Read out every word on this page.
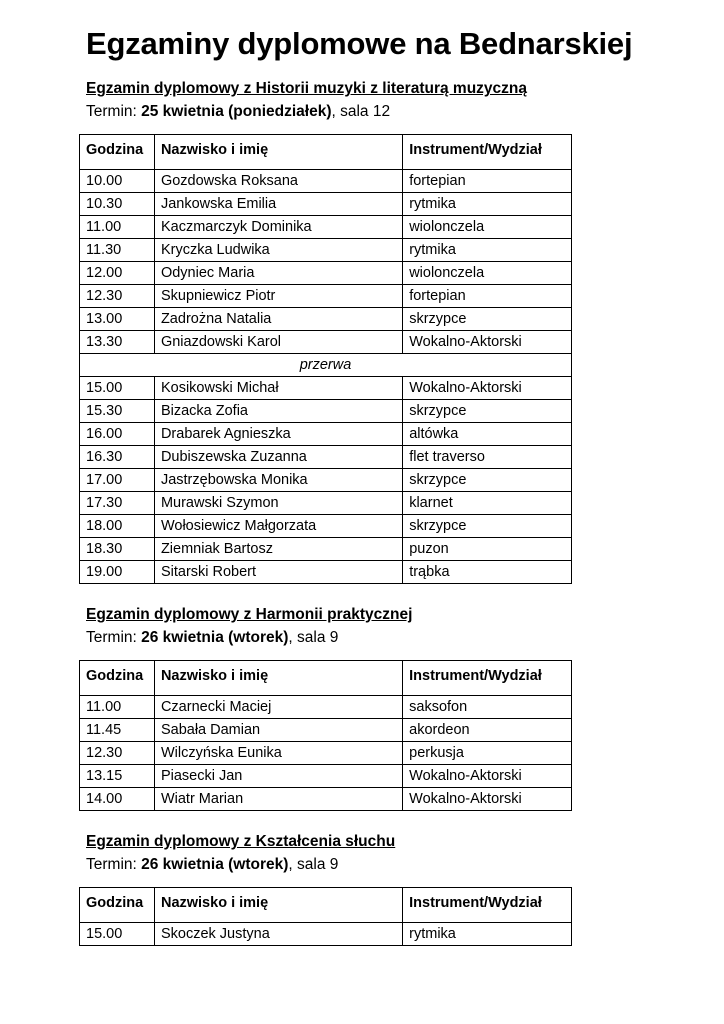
Egzaminy dyplomowe na Bednarskiej

Egzamin dyplomowy z Historii muzyki z literaturą muzyczną

Termin: 25 kwietnia (poniedziałek), sala 12

Godzina	Nazwisko i imię	Instrument/Wydział
10.00	Gozdowska Roksana	fortepian
10.30	Jankowska Emilia	rytmika
11.00	Kaczmarczyk Dominika	wiolonczela
11.30	Kryczka Ludwika	rytmika
12.00	Odyniec Maria	wiolonczela
12.30	Skupniewicz Piotr	fortepian
13.00	Zadrożna Natalia	skrzypce
13.30	Gniazdowski Karol	Wokalno-Aktorski
przerwa		
15.00	Kosikowski Michał	Wokalno-Aktorski
15.30	Bizacka Zofia	skrzypce
16.00	Drabarek Agnieszka	altówka
16.30	Dubiszewska Zuzanna	flet traverso
17.00	Jastrzębowska Monika	skrzypce
17.30	Murawski Szymon	klarnet
18.00	Wołosiewicz Małgorzata	skrzypce
18.30	Ziemniak Bartosz	puzon
19.00	Sitarski Robert	trąbka

Egzamin dyplomowy z Harmonii praktycznej

Termin: 26 kwietnia (wtorek), sala 9

Godzina	Nazwisko i imię	Instrument/Wydział
11.00	Czarnecki Maciej	saksofon
11.45	Sabała Damian	akordeon
12.30	Wilczyńska Eunika	perkusja
13.15	Piasecki Jan	Wokalno-Aktorski
14.00	Wiatr Marian	Wokalno-Aktorski

Egzamin dyplomowy z Kształcenia słuchu

Termin: 26 kwietnia (wtorek), sala 9

Godzina	Nazwisko i imię	Instrument/Wydział
15.00	Skoczek Justyna	rytmika
